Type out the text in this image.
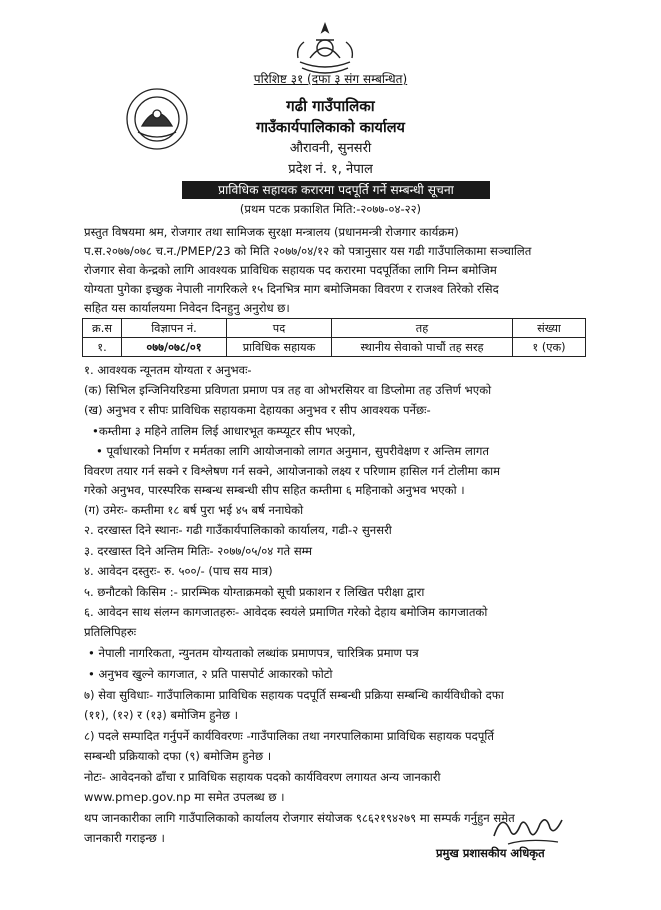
परिशिष्ट ३१ (दफा ३ संग सम्बन्धित)
गढी गाउँपालिका
गाउँकार्यपालिकाको कार्यालय
औरावनी, सुनसरी
प्रदेश नं. १, नेपाल
प्राविधिक सहायक करारमा पदपूर्ति गर्ने सम्बन्धी सूचना
(प्रथम पटक प्रकाशित मिति:-२०७७-०४-२२)
प्रस्तुत विषयमा श्रम, रोजगार तथा सामिजक सुरक्षा मन्त्रालय (प्रधानमन्त्री रोजगार कार्यक्रम)
प.स.२०७७/०७८ च.न./PMEP/23 को मिति २०७७/०४/१२ को पत्रानुसार यस गढी गाउँपालिकामा सञ्चालित
रोजगार सेवा केन्द्रको लागि आवश्यक प्राविधिक सहायक पद करारमा पदपूर्तिका लागि निम्न बमोजिम
योग्यता पुगेका इच्छुक नेपाली नागरिकले १५ दिनभित्र माग बमोजिमका विवरण र राजश्व तिरेको रसिद
सहित यस कार्यालयमा निवेदन दिनहुनु अनुरोध छ।
क्र.स	विज्ञापन नं.	पद	तह	संख्या
१.	०७७/०७८/०१	प्राविधिक सहायक	स्थानीय सेवाको पाचौं तह सरह	१ (एक)
१. आवश्यक न्यूनतम योग्यता र अनुभवः-
(क) सिभिल इन्जिनियरिङमा प्रविणता प्रमाण पत्र तह वा ओभरसियर वा डिप्लोमा तह उत्तिर्ण भएको
(ख) अनुभव र सीपः प्राविधिक सहायकमा देहायका अनुभव र सीप आवश्यक पर्नेछः-
•कम्तीमा ३ महिने तालिम लिई आधारभूत कम्प्यूटर सीप भएको,
• पूर्वाधारको निर्माण र मर्मतका लागि आयोजनाको लागत अनुमान, सुपरीवेक्षण र अन्तिम लागत
विवरण तयार गर्न सक्ने र विश्लेषण गर्न सक्ने, आयोजनाको लक्ष्य र परिणाम हासिल गर्न टोलीमा काम
गरेको अनुभव, पारस्परिक सम्बन्ध सम्बन्धी सीप सहित कम्तीमा ६ महिनाको अनुभव भएको ।
(ग) उमेरः- कम्तीमा १८ बर्ष पुरा भई ४५ बर्ष ननाघेको
२. दरखास्त दिने स्थानः- गढी गाउँकार्यपालिकाको कार्यालय, गढी-२ सुनसरी
३. दरखास्त दिने अन्तिम मितिः- २०७७/०५/०४ गते सम्म
४. आवेदन दस्तुरः- रु. ५००/- (पाच सय मात्र)
५. छनौटको किसिम :- प्रारम्भिक योग्ताक्रमको सूची प्रकाशन र लिखित परीक्षा द्वारा
६. आवेदन साथ संलग्न कागजातहरुः- आवेदक स्वयंले प्रमाणित गरेको देहाय बमोजिम कागजातको
प्रतिलिपिहरुः
• नेपाली नागरिकता, न्युनतम योग्यताको लब्धांक प्रमाणपत्र, चारित्रिक प्रमाण पत्र
• अनुभव खुल्ने कागजात, २ प्रति पासपोर्ट आकारको फोटो
७) सेवा सुविधाः- गाउँपालिकामा प्राविधिक सहायक पदपूर्ति सम्बन्धी प्रक्रिया सम्बन्धि कार्यविधीको दफा
(११), (१२) र (१३) बमोजिम हुनेछ ।
८) पदले सम्पादित गर्नुपर्ने कार्यविवरणः -गाउँपालिका तथा नगरपालिकामा प्राविधिक सहायक पदपूर्ति
सम्बन्धी प्रक्रियाको दफा (९) बमोजिम हुनेछ ।
नोटः- आवेदनको ढाँचा र प्राविधिक सहायक पदको कार्यविवरण लगायत अन्य जानकारी
www.pmep.gov.np मा समेत उपलब्ध छ ।
थप जानकारीका लागि गाउँपालिकाको कार्यालय रोजगार संयोजक ९८६२१९४२७९ मा सम्पर्क गर्नुहुन समेत
जानकारी गराइन्छ ।
प्रमुख प्रशासकीय अधिकृत
